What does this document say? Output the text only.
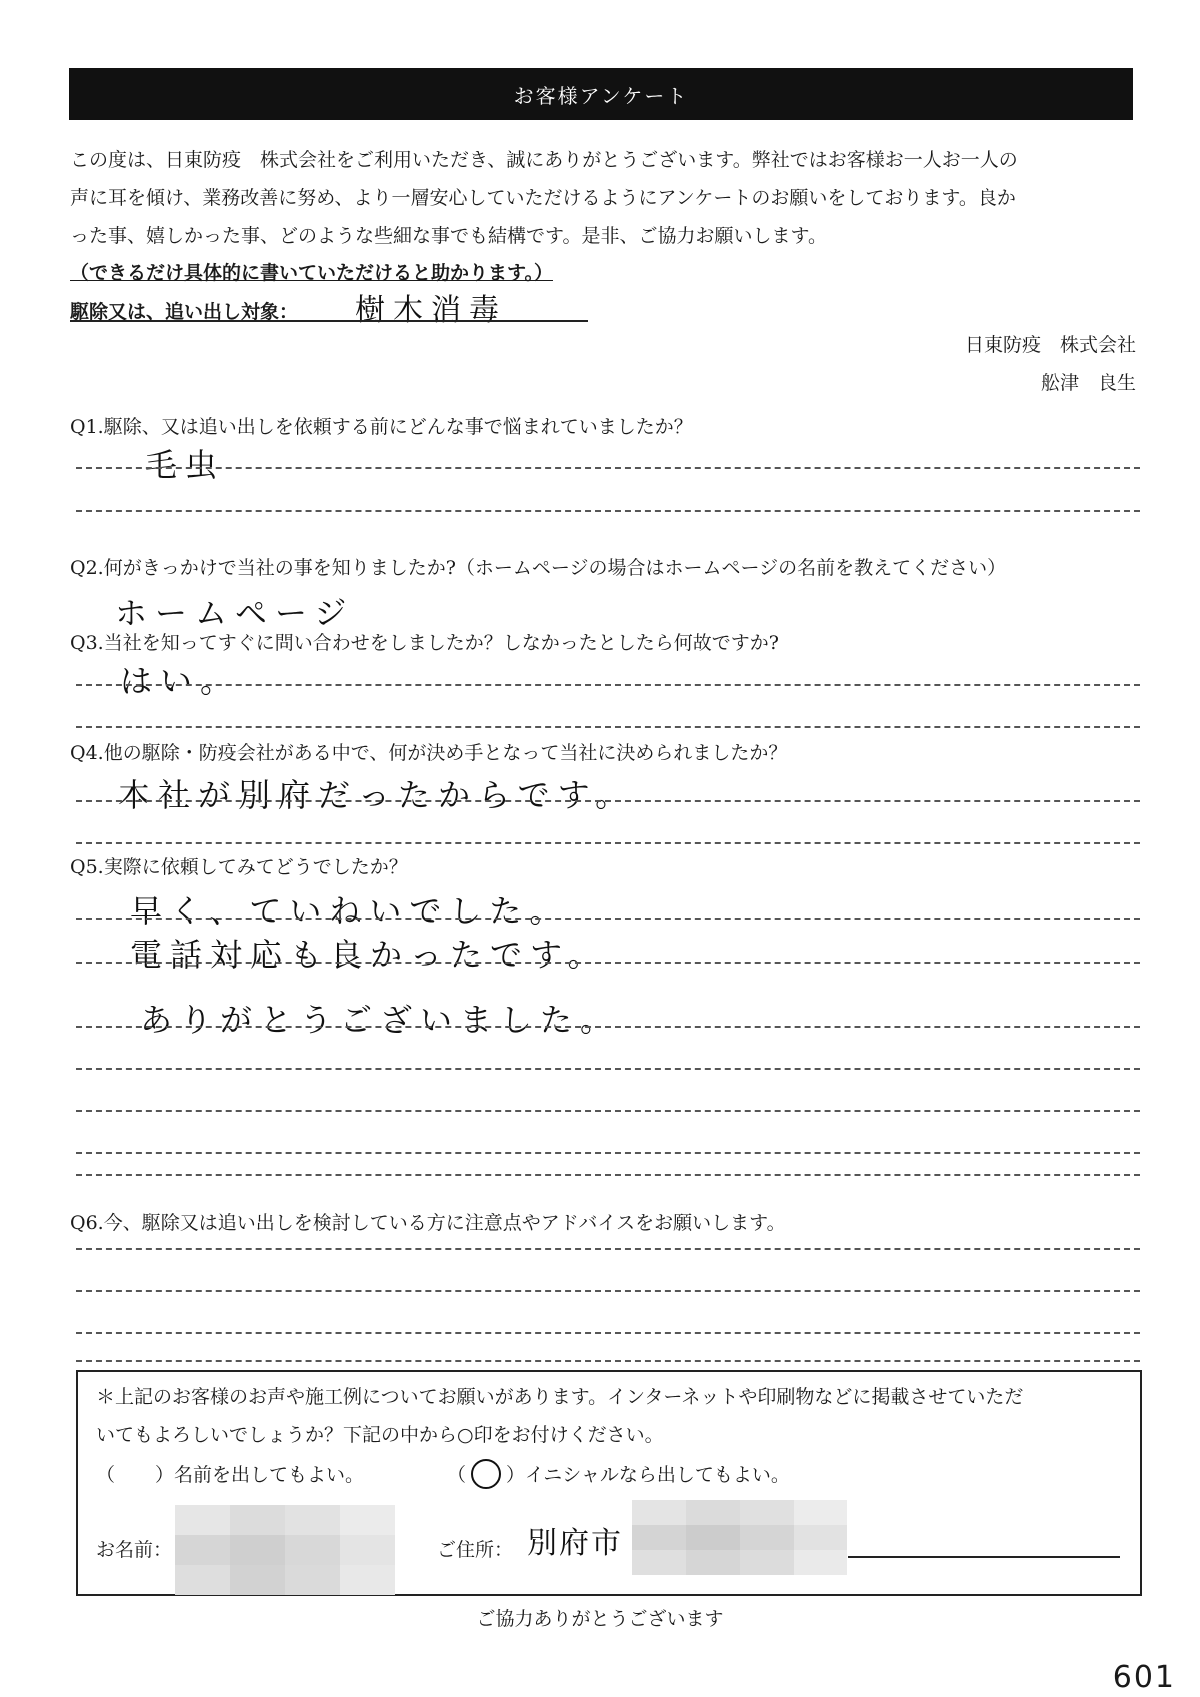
お客様アンケート
この度は、日東防疫　株式会社をご利用いただき、誠にありがとうございます。弊社ではお客様お一人お一人の
声に耳を傾け、業務改善に努め、より一層安心していただけるようにアンケートのお願いをしております。良か
った事、嬉しかった事、どのような些細な事でも結構です。是非、ご協力お願いします。
（できるだけ具体的に書いていただけると助かります。）
駆除又は、追い出し対象： 樹木消毒
日東防疫　株式会社
舩津　良生
Q1.駆除、又は追い出しを依頼する前にどんな事で悩まれていましたか？
毛虫
Q2.何がきっかけで当社の事を知りましたか?（ホームページの場合はホームページの名前を教えてください）
ホームページ
Q3.当社を知ってすぐに問い合わせをしましたか？しなかったとしたら何故ですか?
はい。
Q4.他の駆除・防疫会社がある中で、何が決め手となって当社に決められましたか？
本社が別府だったからです。
Q5.実際に依頼してみてどうでしたか？
早く、ていねいでした。
電話対応も良かったです。
ありがとうございました。
Q6.今、駆除又は追い出しを検討している方に注意点やアドバイスをお願いします。
＊上記のお客様のお声や施工例についてお願いがあります。インターネットや印刷物などに掲載させていただ
いてもよろしいでしょうか？下記の中から○印をお付けください。
（ ）名前を出してもよい。	（ ）イニシャルなら出してもよい。
お名前：	ご住所： 別府市
ご協力ありがとうございます
601
